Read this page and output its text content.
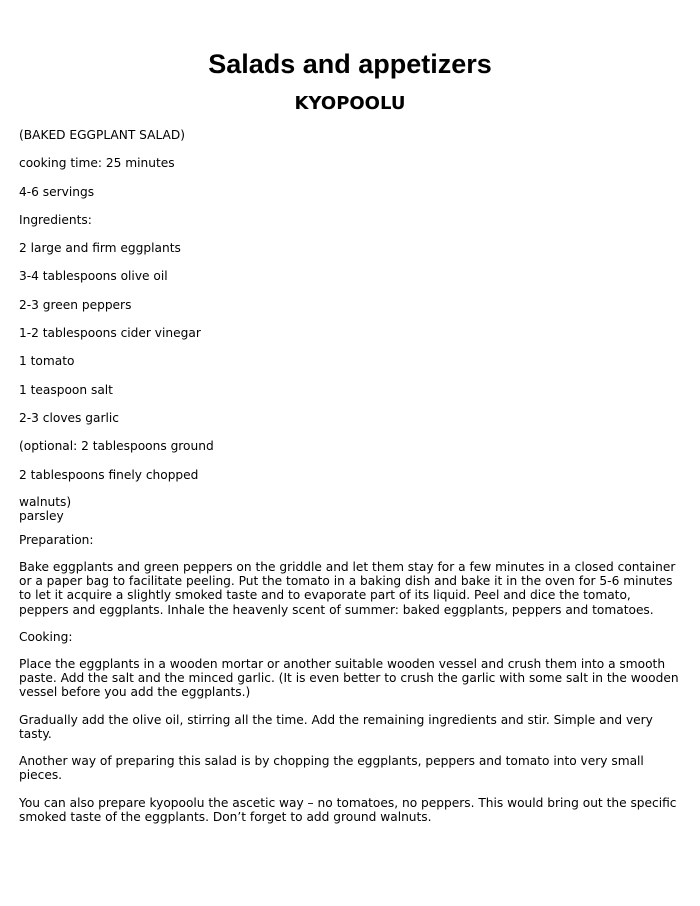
Salads and appetizers
KYOPOOLU

(BAKED EGGPLANT SALAD)

cooking time: 25 minutes

4-6 servings

Ingredients:

2 large and firm eggplants

3-4 tablespoons olive oil

2-3 green peppers

1-2 tablespoons cider vinegar

1 tomato

1 teaspoon salt

2-3 cloves garlic

(optional: 2 tablespoons ground

2 tablespoons finely chopped

walnuts)
parsley

Preparation:

Bake eggplants and green peppers on the griddle and let them stay for a few minutes in a closed container or a paper bag to facilitate peeling. Put the tomato in a baking dish and bake it in the oven for 5-6 minutes to let it acquire a slightly smoked taste and to evaporate part of its liquid. Peel and dice the tomato, peppers and eggplants. Inhale the heavenly scent of summer: baked eggplants, peppers and tomatoes.

Cooking:

Place the eggplants in a wooden mortar or another suitable wooden vessel and crush them into a smooth paste. Add the salt and the minced garlic. (It is even better to crush the garlic with some salt in the wooden vessel before you add the eggplants.)

Gradually add the olive oil, stirring all the time. Add the remaining ingredients and stir. Simple and very tasty.

Another way of preparing this salad is by chopping the eggplants, peppers and tomato into very small pieces.

You can also prepare kyopoolu the ascetic way – no tomatoes, no peppers. This would bring out the specific smoked taste of the eggplants. Don’t forget to add ground walnuts.
